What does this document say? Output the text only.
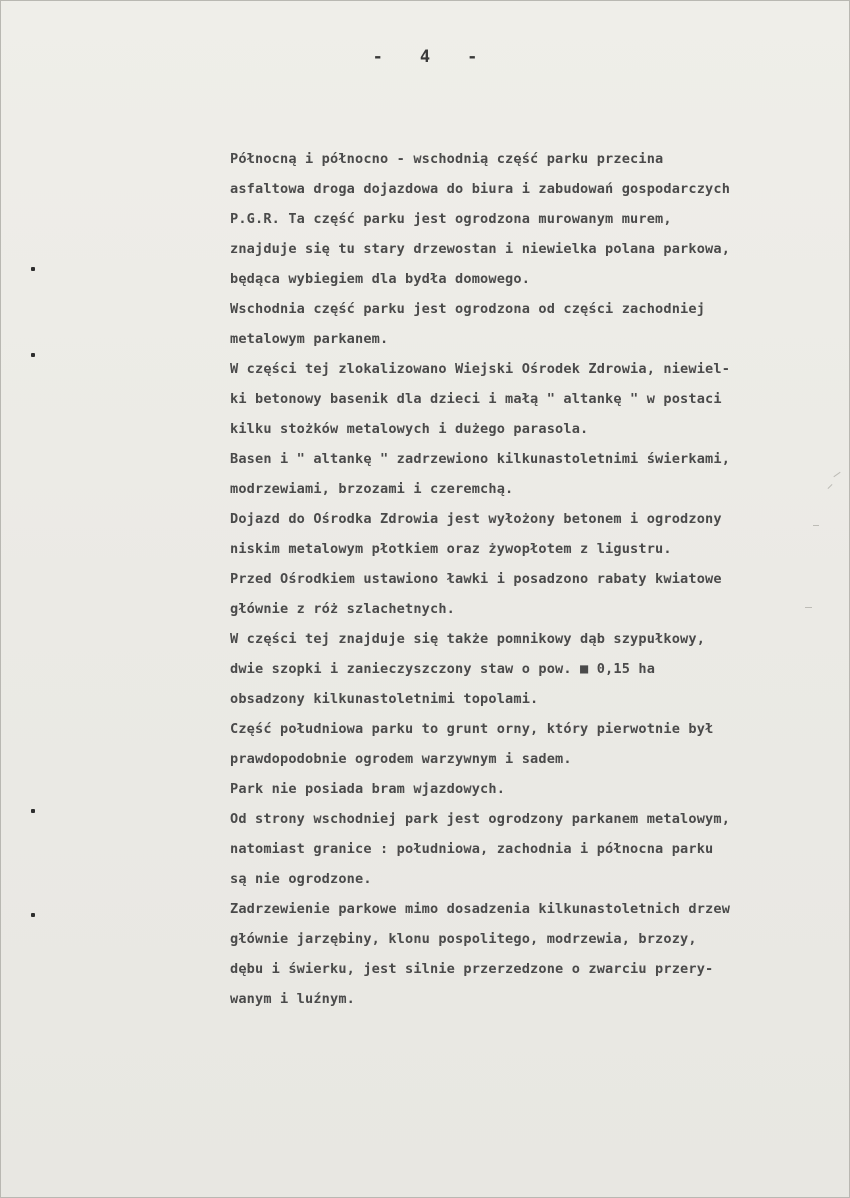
- 4 -
Północną i północno - wschodnią część parku przecina
asfaltowa droga dojazdowa do biura i zabudowań gospodarczych
P.G.R. Ta część parku jest ogrodzona murowanym murem,
znajduje się tu stary drzewostan i niewielka polana parkowa,
będąca wybiegiem dla bydła domowego.
Wschodnia część parku jest ogrodzona od części zachodniej
metalowym parkanem.
W części tej zlokalizowano Wiejski Ośrodek Zdrowia, niewiel-
ki betonowy basenik dla dzieci i małą " altankę " w postaci
kilku stożków metalowych i dużego parasola.
Basen i " altankę " zadrzewiono kilkunastoletnimi świerkami,
modrzewiami, brzozami i czeremchą.
Dojazd do Ośrodka Zdrowia jest wyłożony betonem i ogrodzony
niskim metalowym płotkiem oraz żywopłotem z ligustru.
Przed Ośrodkiem ustawiono ławki i posadzono rabaty kwiatowe
głównie z róż szlachetnych.
W części tej znajduje się także pomnikowy dąb szypułkowy,
dwie szopki i zanieczyszczony staw o pow. ■ 0,15 ha
obsadzony kilkunastoletnimi topolami.
Część południowa parku to grunt orny, który pierwotnie był
prawdopodobnie ogrodem warzywnym i sadem.
Park nie posiada bram wjazdowych.
Od strony wschodniej park jest ogrodzony parkanem metalowym,
natomiast granice : południowa, zachodnia i północna parku
są nie ogrodzone.
Zadrzewienie parkowe mimo dosadzenia kilkunastoletnich drzew
głównie jarzębiny, klonu pospolitego, modrzewia, brzozy,
dębu i świerku, jest silnie przerzedzone o zwarciu przery-
wanym i luźnym.
